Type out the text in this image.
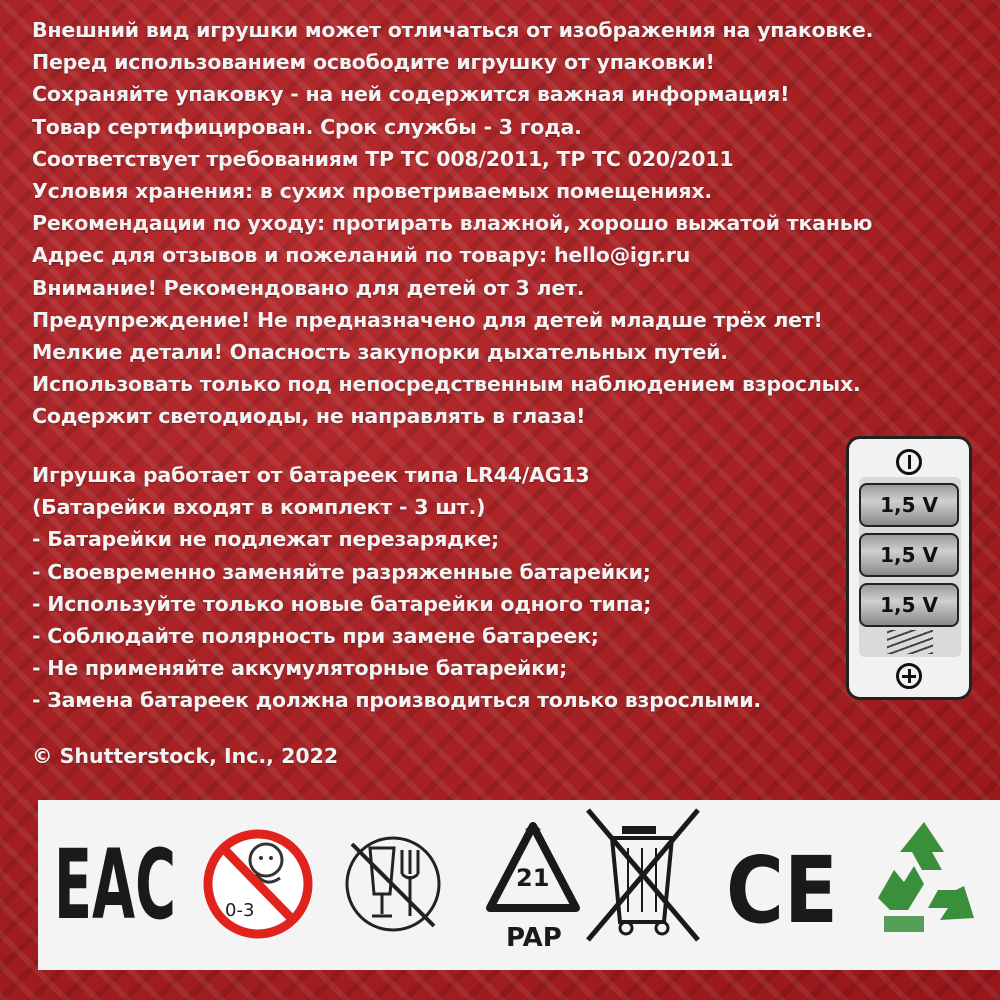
Внешний вид игрушки может отличаться от изображения на упаковке.
Перед использованием освободите игрушку от упаковки!
Сохраняйте упаковку - на ней содержится важная информация!
Товар сертифицирован. Срок службы - 3 года.
Соответствует требованиям ТР ТС 008/2011, ТР ТС 020/2011
Условия хранения: в сухих проветриваемых помещениях.
Рекомендации по уходу: протирать влажной, хорошо выжатой тканью
Адрес для отзывов и пожеланий по товару: hello@igr.ru
Внимание! Рекомендовано для детей от 3 лет.
Предупреждение! Не предназначено для детей младше трёх лет!
Мелкие детали! Опасность закупорки дыхательных путей.
Использовать только под непосредственным наблюдением взрослых.
Содержит светодиоды, не направлять в глаза!
Игрушка работает от батареек типа LR44/AG13
(Батарейки входят в комплект - 3 шт.)
- Батарейки не подлежат перезарядке;
- Своевременно заменяйте разряженные батарейки;
- Используйте только новые батарейки одного типа;
- Соблюдайте полярность при замене батареек;
- Не применяйте аккумуляторные батарейки;
- Замена батареек должна производиться только взрослыми.
1,5 V
1,5 V
1,5 V
© Shutterstock, Inc., 2022
ЕАС	0-3
21
PAP CE
